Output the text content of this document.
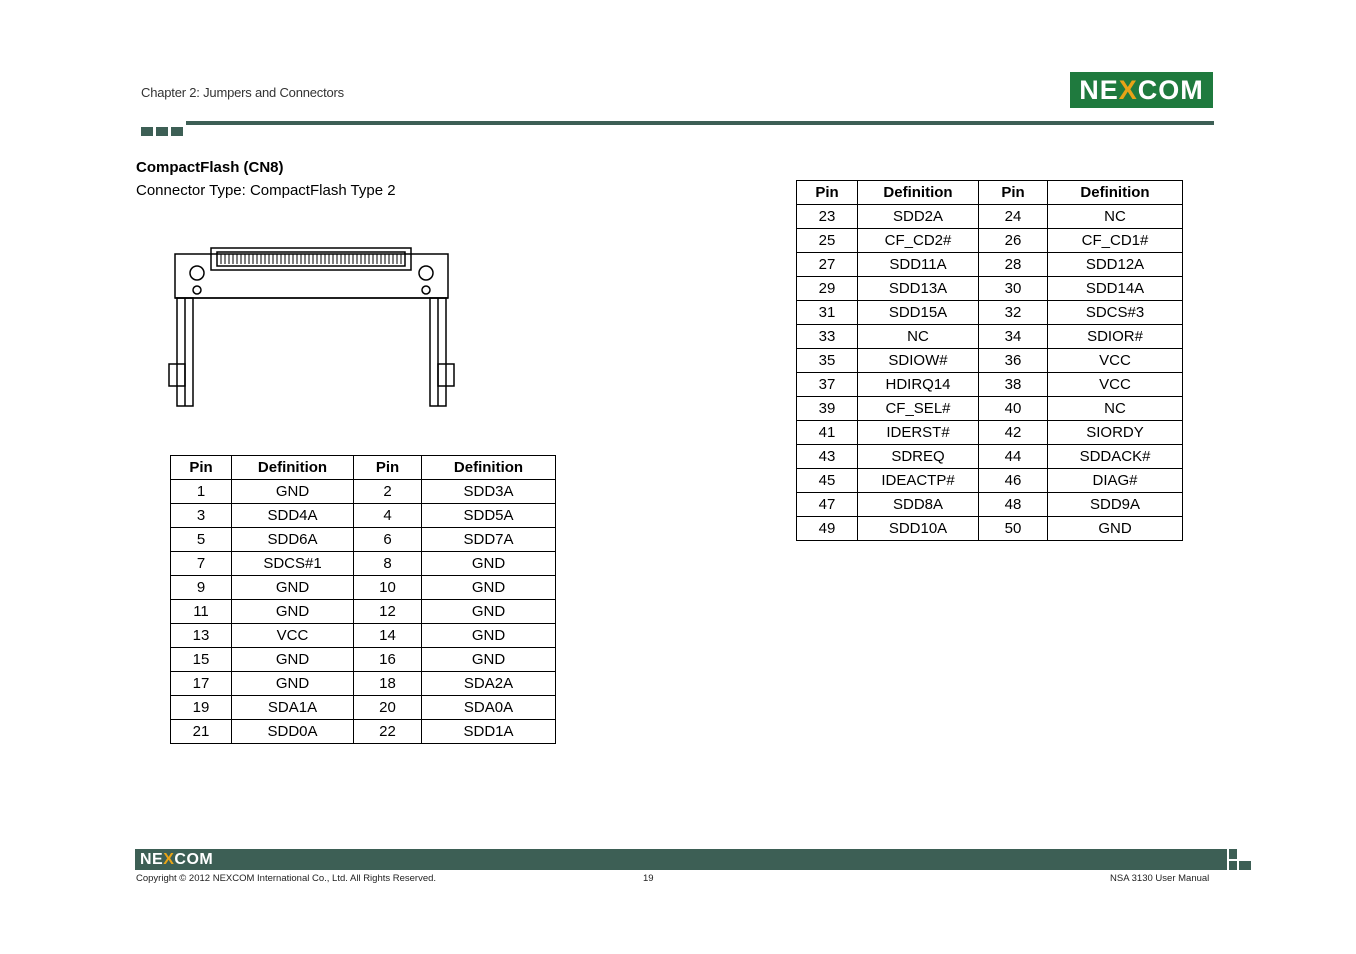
Chapter 2: Jumpers and Connectors	NEXCOM
CompactFlash (CN8)
Connector Type: CompactFlash Type 2
Pin	Definition	Pin	Definition
1	GND	2	SDD3A
3	SDD4A	4	SDD5A
5	SDD6A	6	SDD7A
7	SDCS#1	8	GND
9	GND	10	GND
11	GND	12	GND
13	VCC	14	GND
15	GND	16	GND
17	GND	18	SDA2A
19	SDA1A	20	SDA0A
21	SDD0A	22	SDD1A
Pin	Definition	Pin	Definition
23	SDD2A	24	NC
25	CF_CD2#	26	CF_CD1#
27	SDD11A	28	SDD12A
29	SDD13A	30	SDD14A
31	SDD15A	32	SDCS#3
33	NC	34	SDIOR#
35	SDIOW#	36	VCC
37	HDIRQ14	38	VCC
39	CF_SEL#	40	NC
41	IDERST#	42	SIORDY
43	SDREQ	44	SDDACK#
45	IDEACTP#	46	DIAG#
47	SDD8A	48	SDD9A
49	SDD10A	50	GND
NEXCOM
Copyright © 2012 NEXCOM International Co., Ltd. All Rights Reserved.	19	NSA 3130 User Manual
